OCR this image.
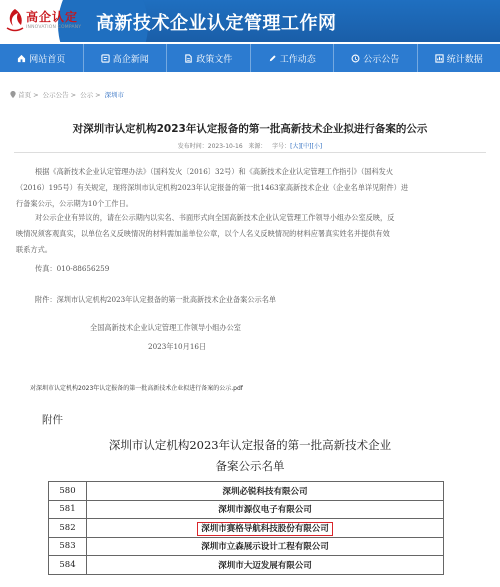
高企认定
INNOVATION COMPANY 高新技术企业认定管理工作网
网站首页	高企新闻	政策文件	工作动态	公示公告	统计数据
首页 > 公示公告 > 公示 > 深圳市
对深圳市认定机构2023年认定报备的第一批高新技术企业拟进行备案的公示
发布时间：2023-10-16 来源： 字号：[大][中][小]
根据《高新技术企业认定管理办法》（国科发火〔2016〕32号）和《高新技术企业认定管理工作指引》（国科发火
（2016）195号）有关规定，现将深圳市认定机构2023年认定报备的第一批1463家高新技术企业（企业名单详见附件）进
行备案公示，公示期为10个工作日。
对公示企业有异议的，请在公示期内以实名、书面形式向全国高新技术企业认定管理工作领导小组办公室反映，反
映情况须客观真实，以单位名义反映情况的材料需加盖单位公章，以个人名义反映情况的材料应署真实姓名并提供有效
联系方式。
传真：010-88656259
附件：深圳市认定机构2023年认定报备的第一批高新技术企业备案公示名单
全国高新技术企业认定管理工作领导小组办公室
2023年10月16日
对深圳市认定机构2023年认定报备的第一批高新技术企业拟进行备案的公示.pdf
附件
深圳市认定机构2023年认定报备的第一批高新技术企业
备案公示名单
580	深圳必锐科技有限公司
581	深圳市源仪电子有限公司
582	深圳市赛格导航科技股份有限公司
583	深圳市立森展示设计工程有限公司
584	深圳市大迈发展有限公司
